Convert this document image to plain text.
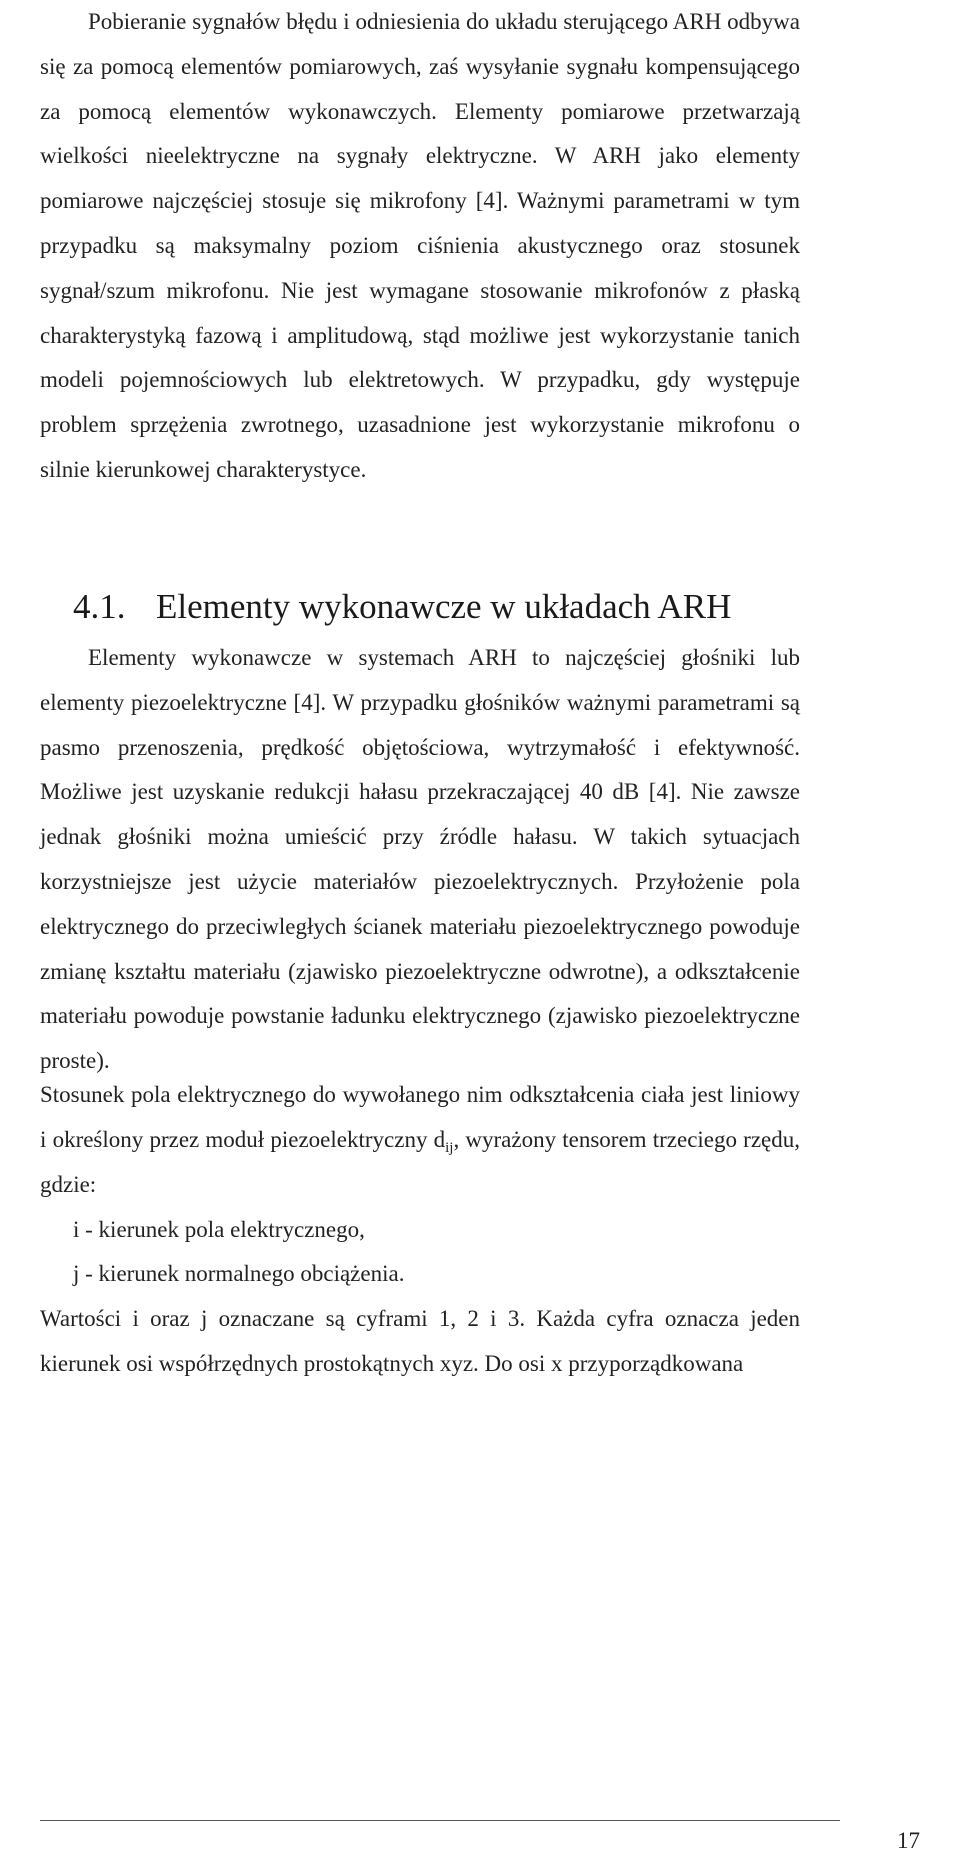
Pobieranie sygnałów błędu i odniesienia do układu sterującego ARH odbywa się za pomocą elementów pomiarowych, zaś wysyłanie sygnału kompensującego za pomocą elementów wykonawczych. Elementy pomiarowe przetwarzają wielkości nieelektryczne na sygnały elektryczne. W ARH jako elementy pomiarowe najczęściej stosuje się mikrofony [4]. Ważnymi parametrami w tym przypadku są maksymalny poziom ciśnienia akustycznego oraz stosunek sygnał/szum mikrofonu. Nie jest wymagane stosowanie mikrofonów z płaską charakterystyką fazową i amplitudową, stąd możliwe jest wykorzystanie tanich modeli pojemnościowych lub elektretowych. W przypadku, gdy występuje problem sprzężenia zwrotnego, uzasadnione jest wykorzystanie mikrofonu o silnie kierunkowej charakterystyce.

4.1. Elementy wykonawcze w układach ARH

Elementy wykonawcze w systemach ARH to najczęściej głośniki lub elementy piezoelektryczne [4]. W przypadku głośników ważnymi parametrami są pasmo przenoszenia, prędkość objętościowa, wytrzymałość i efektywność. Możliwe jest uzyskanie redukcji hałasu przekraczającej 40 dB [4]. Nie zawsze jednak głośniki można umieścić przy źródle hałasu. W takich sytuacjach korzystniejsze jest użycie materiałów piezoelektrycznych. Przyłożenie pola elektrycznego do przeciwległych ścianek materiału piezoelektrycznego powoduje zmianę kształtu materiału (zjawisko piezoelektryczne odwrotne), a odkształcenie materiału powoduje powstanie ładunku elektrycznego (zjawisko piezoelektryczne proste).

Stosunek pola elektrycznego do wywołanego nim odkształcenia ciała jest liniowy i określony przez moduł piezoelektryczny $d_{ij}$, wyrażony tensorem trzeciego rzędu, gdzie:

i - kierunek pola elektrycznego,

j - kierunek normalnego obciążenia.

Wartości i oraz j oznaczane są cyframi 1, 2 i 3. Każda cyfra oznacza jeden kierunek osi współrzędnych prostokątnych xyz. Do osi x przyporządkowana

17
